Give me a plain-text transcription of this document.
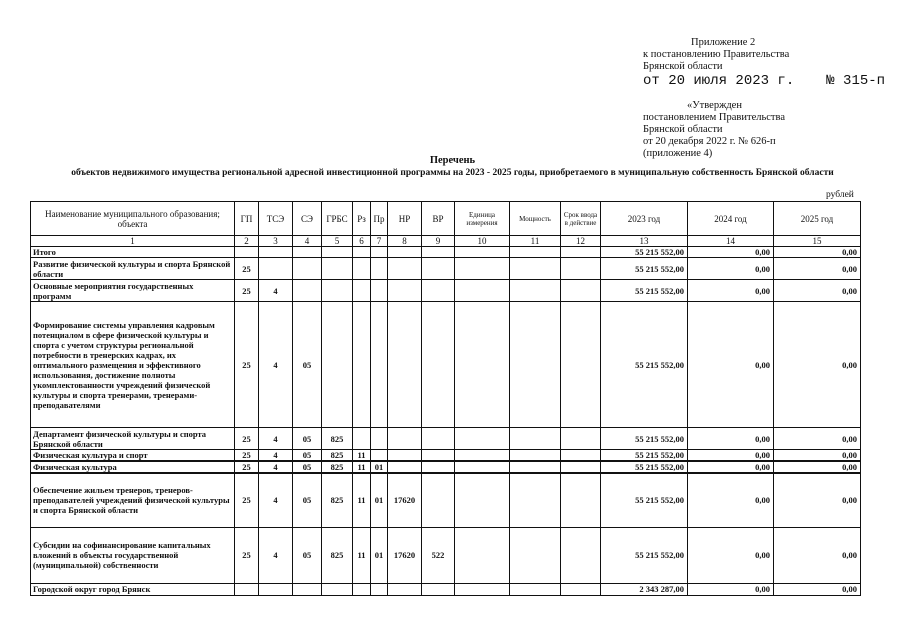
Приложение 2
к постановлению Правительства
Брянской области
от 20 июля 2023 г. № 315-п
«Утвержден
постановлением Правительства
Брянской области
от 20 декабря 2022 г. № 626-п
(приложение 4)
Перечень
объектов недвижимого имущества региональной адресной инвестиционной программы на 2023 - 2025 годы, приобретаемого в муниципальную собственность Брянской области
рублей
Наименование муниципального образования; объекта	ГП	ТСЭ	СЭ	ГРБС	Рз	Пр	НР	ВР	Единица измерения	Мощность	Срок ввода в действие	2023 год	2024 год	2025 год
1	2	3	4	5	6	7	8	9	10	11	12	13	14	15
Итого												55 215 552,00	0,00	0,00
Развитие физической культуры и спорта Брянской области	25											55 215 552,00	0,00	0,00
Основные мероприятия государственных программ	25	4										55 215 552,00	0,00	0,00
Формирование системы управления кадровым потенциалом в сфере физической культуры и спорта с учетом структуры региональной потребности в тренерских кадрах, их оптимального размещения и эффективного использования, достижение полноты укомплектованности учреждений физической культуры и спорта тренерами, тренерами-преподавателями	25	4	05									55 215 552,00	0,00	0,00
Департамент физической культуры и спорта Брянской области	25	4	05	825								55 215 552,00	0,00	0,00
Физическая культура и спорт	25	4	05	825	11							55 215 552,00	0,00	0,00
Физическая культура	25	4	05	825	11	01						55 215 552,00	0,00	0,00
Обеспечение жильем тренеров, тренеров-преподавателей учреждений физической культуры и спорта Брянской области	25	4	05	825	11	01	17620					55 215 552,00	0,00	0,00
Субсидии на софинансирование капитальных вложений в объекты государственной (муниципальной) собственности	25	4	05	825	11	01	17620	522				55 215 552,00	0,00	0,00
Городской округ город Брянск												2 343 287,00	0,00	0,00
